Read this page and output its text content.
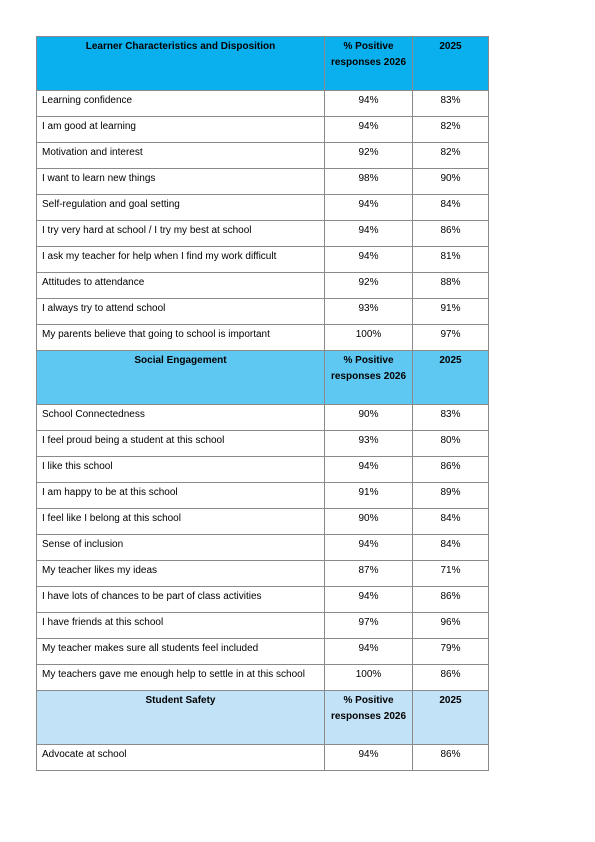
Learner Characteristics and Disposition	% Positive responses 2026	2025
Learning confidence	94%	83%
I am good at learning	94%	82%
Motivation and interest	92%	82%
I want to learn new things	98%	90%
Self-regulation and goal setting	94%	84%
I try very hard at school / I try my best at school	94%	86%
I ask my teacher for help when I find my work difficult	94%	81%
Attitudes to attendance	92%	88%
I always try to attend school	93%	91%
My parents believe that going to school is important	100%	97%
Social Engagement	% Positive responses 2026	2025
School Connectedness	90%	83%
I feel proud being a student at this school	93%	80%
I like this school	94%	86%
I am happy to be at this school	91%	89%
I feel like I belong at this school	90%	84%
Sense of inclusion	94%	84%
My teacher likes my ideas	87%	71%
I have lots of chances to be part of class activities	94%	86%
I have friends at this school	97%	96%
My teacher makes sure all students feel included	94%	79%
My teachers gave me enough help to settle in at this school	100%	86%
Student Safety	% Positive responses 2026	2025
Advocate at school	94%	86%
